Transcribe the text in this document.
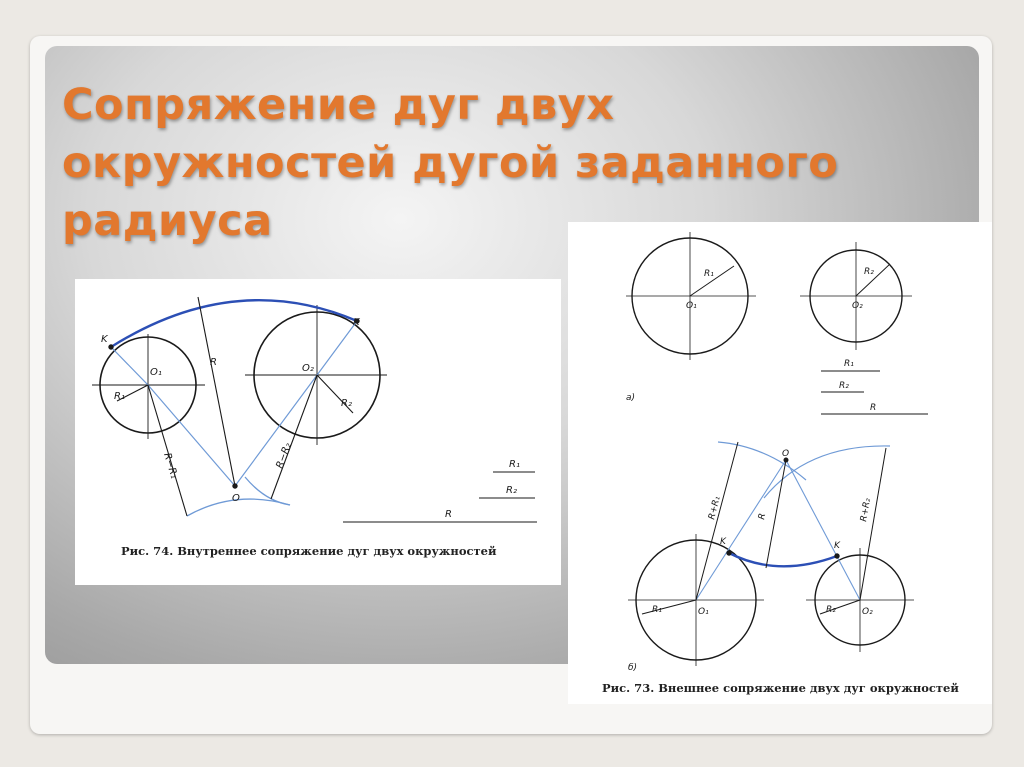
Сопряжение дуг двух
окружностей дугой заданного
радиуса
K
K
O₁	O₂
O
R
R₁
R₂
R−R₁	R−R₂	R₁
R₂
R

Рис. 74. Внутреннее сопряжение дуг двух окружностей

а)
R₁	R₂
O₁	O₂
R₁
R₂
R
O
K	K
R
R+R₁	R+R₂
R₁	R₂
O₁	O₂
б)

Рис. 73. Внешнее сопряжение двух дуг окружностей
